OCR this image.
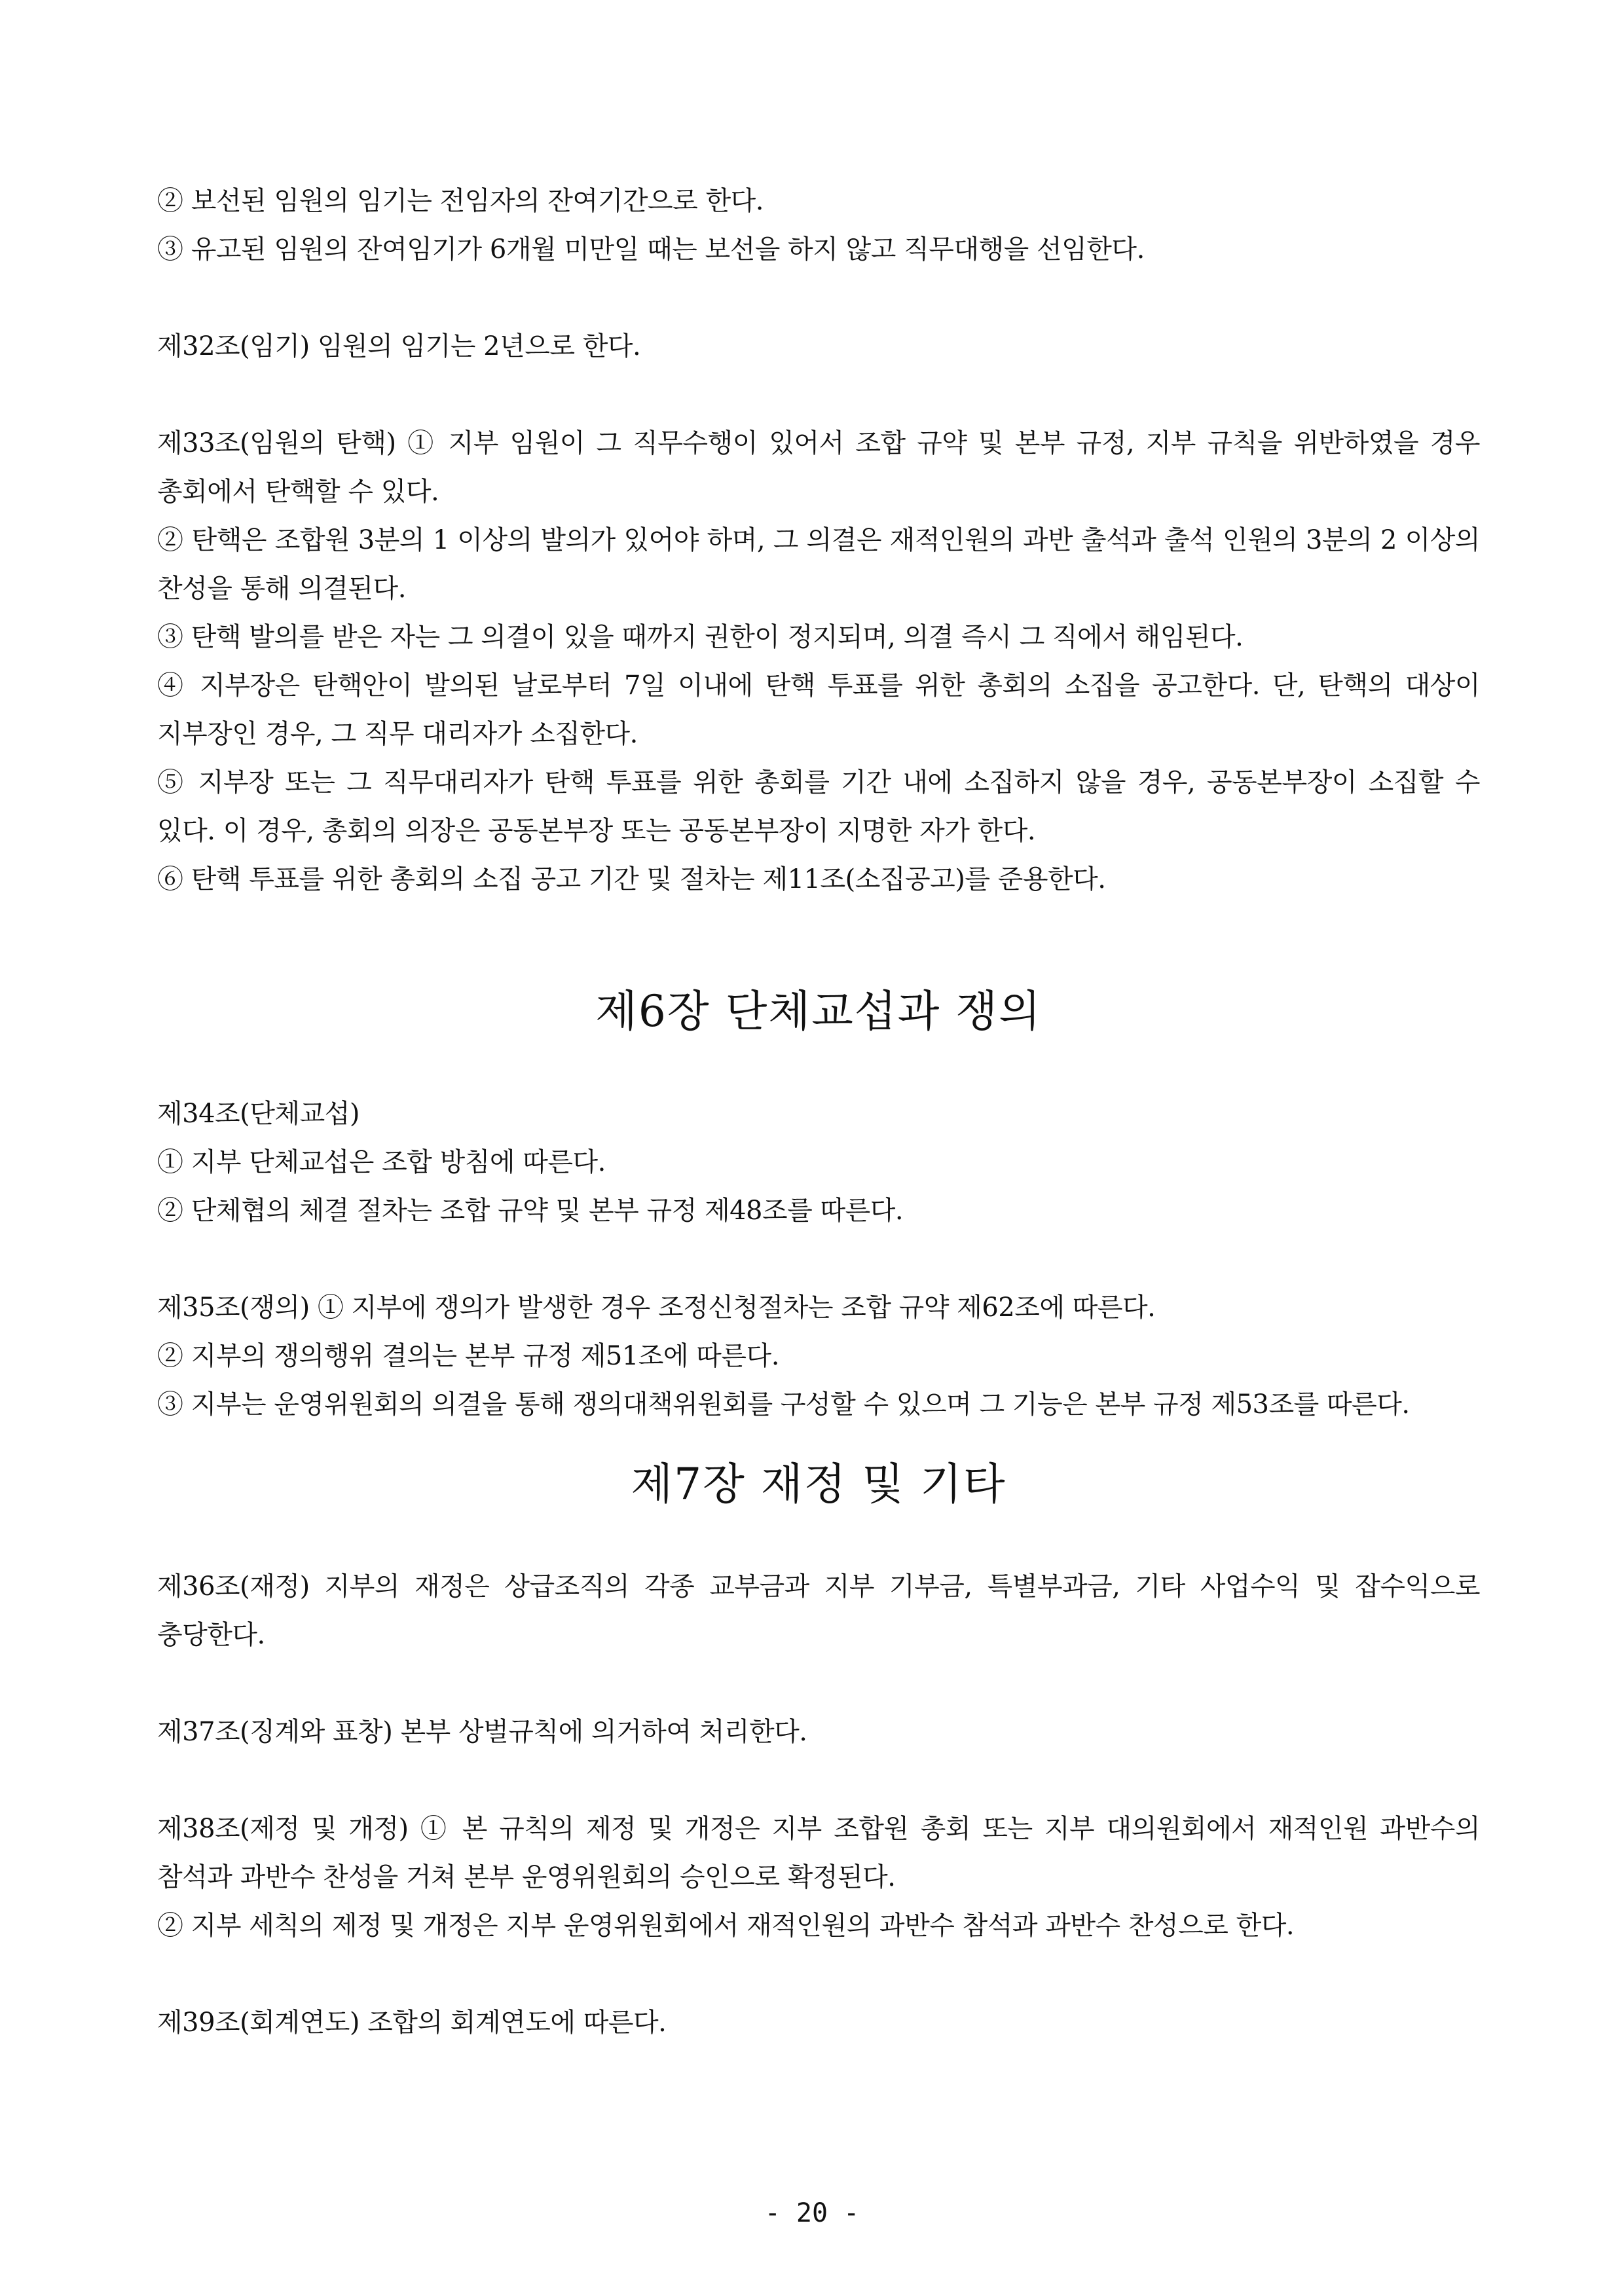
② 보선된 임원의 임기는 전임자의 잔여기간으로 한다.

③ 유고된 임원의 잔여임기가 6개월 미만일 때는 보선을 하지 않고 직무대행을 선임한다.

제32조(임기) 임원의 임기는 2년으로 한다.

제33조(임원의 탄핵) ① 지부 임원이 그 직무수행이 있어서 조합 규약 및 본부 규정, 지부 규칙을 위반하였을 경우 총회에서 탄핵할 수 있다.

② 탄핵은 조합원 3분의 1 이상의 발의가 있어야 하며, 그 의결은 재적인원의 과반 출석과 출석 인원의 3분의 2 이상의 찬성을 통해 의결된다.

③ 탄핵 발의를 받은 자는 그 의결이 있을 때까지 권한이 정지되며, 의결 즉시 그 직에서 해임된다.

④ 지부장은 탄핵안이 발의된 날로부터 7일 이내에 탄핵 투표를 위한 총회의 소집을 공고한다. 단, 탄핵의 대상이 지부장인 경우, 그 직무 대리자가 소집한다.

⑤ 지부장 또는 그 직무대리자가 탄핵 투표를 위한 총회를 기간 내에 소집하지 않을 경우, 공동본부장이 소집할 수 있다. 이 경우, 총회의 의장은 공동본부장 또는 공동본부장이 지명한 자가 한다.

⑥ 탄핵 투표를 위한 총회의 소집 공고 기간 및 절차는 제11조(소집공고)를 준용한다.

제6장 단체교섭과 쟁의

제34조(단체교섭)

① 지부 단체교섭은 조합 방침에 따른다.

② 단체협의 체결 절차는 조합 규약 및 본부 규정 제48조를 따른다.

제35조(쟁의) ① 지부에 쟁의가 발생한 경우 조정신청절차는 조합 규약 제62조에 따른다.

② 지부의 쟁의행위 결의는 본부 규정 제51조에 따른다.

③ 지부는 운영위원회의 의결을 통해 쟁의대책위원회를 구성할 수 있으며 그 기능은 본부 규정 제53조를 따른다.

제7장 재정 및 기타

제36조(재정) 지부의 재정은 상급조직의 각종 교부금과 지부 기부금, 특별부과금, 기타 사업수익 및 잡수익으로 충당한다.

제37조(징계와 표창) 본부 상벌규칙에 의거하여 처리한다.

제38조(제정 및 개정) ① 본 규칙의 제정 및 개정은 지부 조합원 총회 또는 지부 대의원회에서 재적인원 과반수의 참석과 과반수 찬성을 거쳐 본부 운영위원회의 승인으로 확정된다.

② 지부 세칙의 제정 및 개정은 지부 운영위원회에서 재적인원의 과반수 참석과 과반수 찬성으로 한다.

제39조(회계연도) 조합의 회계연도에 따른다.

- 20 -
